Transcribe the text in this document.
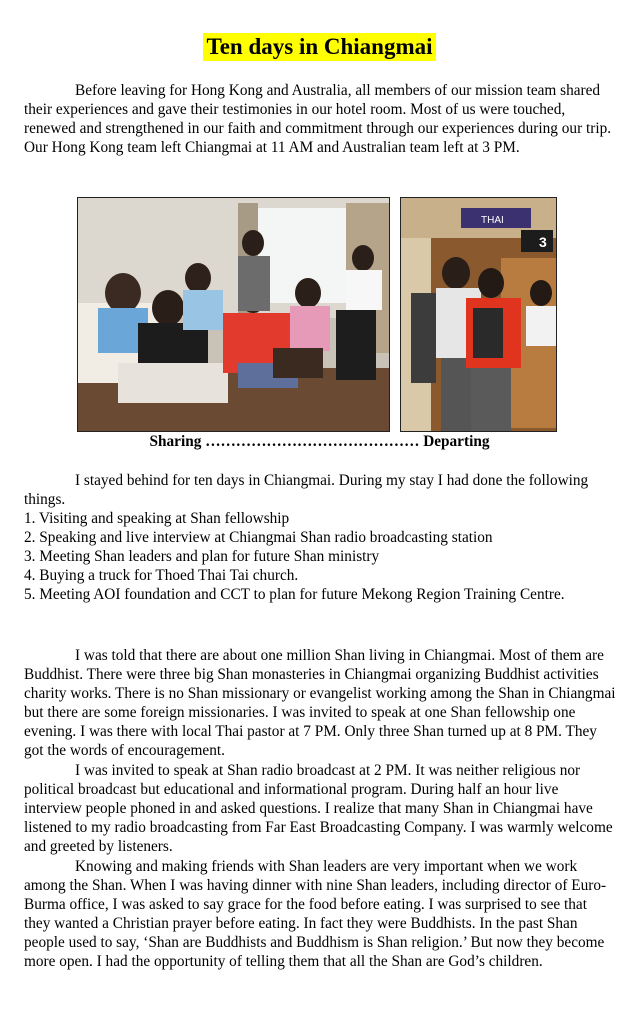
Ten days in Chiangmai

Before leaving for Hong Kong and Australia, all members of our mission team shared their experiences and gave their testimonies in our hotel room. Most of us were touched, renewed and strengthened in our faith and commitment through our experiences during our trip. Our Hong Kong team left Chiangmai at 11 AM and Australian team left at 3 PM.

THAI
3
Sharing …………………………………… Departing

I stayed behind for ten days in Chiangmai. During my stay I had done the following things.

1. Visiting and speaking at Shan fellowship
2. Speaking and live interview at Chiangmai Shan radio broadcasting station
3. Meeting Shan leaders and plan for future Shan ministry
4. Buying a truck for Thoed Thai Tai church.
5. Meeting AOI foundation and CCT to plan for future Mekong Region Training Centre.

I was told that there are about one million Shan living in Chiangmai. Most of them are Buddhist. There were three big Shan monasteries in Chiangmai organizing Buddhist activities charity works. There is no Shan missionary or evangelist working among the Shan in Chiangmai but there are some foreign missionaries. I was invited to speak at one Shan fellowship one evening. I was there with local Thai pastor at 7 PM. Only three Shan turned up at 8 PM. They got the words of encouragement.

I was invited to speak at Shan radio broadcast at 2 PM. It was neither religious nor political broadcast but educational and informational program. During half an hour live interview people phoned in and asked questions. I realize that many Shan in Chiangmai have listened to my radio broadcasting from Far East Broadcasting Company. I was warmly welcome and greeted by listeners.

Knowing and making friends with Shan leaders are very important when we work among the Shan. When I was having dinner with nine Shan leaders, including director of Euro-Burma office, I was asked to say grace for the food before eating. I was surprised to see that they wanted a Christian prayer before eating. In fact they were Buddhists. In the past Shan people used to say, ‘Shan are Buddhists and Buddhism is Shan religion.’ But now they become more open. I had the opportunity of telling them that all the Shan are God’s children.
